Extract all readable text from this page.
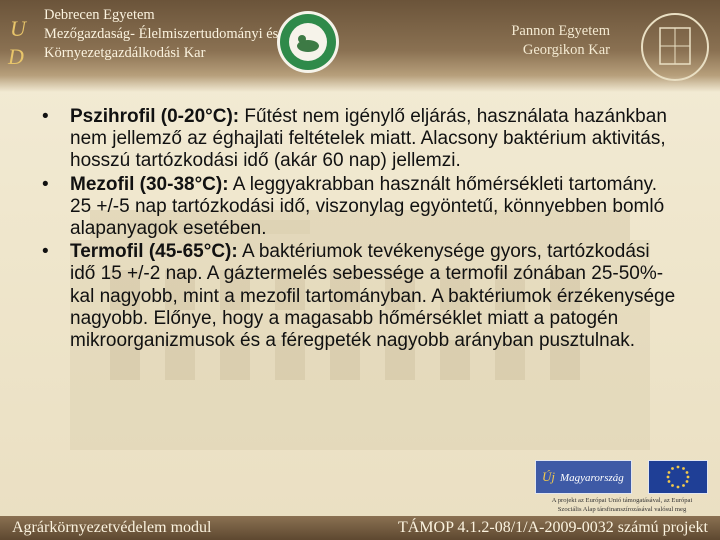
U
D
Debrecen Egyetem
Mezőgazdaság- Élelmiszertudományi és
Környezetgazdálkodási Kar
Pannon Egyetem
Georgikon Kar
• Pszihrofil (0-20°C): Fűtést nem igénylő eljárás, használata hazánkban nem jellemző az éghajlati feltételek miatt. Alacsony baktérium aktivitás, hosszú tartózkodási idő (akár 60 nap) jellemzi.
• Mezofil (30-38°C): A leggyakrabban használt hőmérsékleti tartomány. 25 +/-5 nap tartózkodási idő, viszonylag egyöntetű, könnyebben bomló alapanyagok esetében.
• Termofil (45-65°C): A baktériumok tevékenysége gyors, tartózkodási idő 15 +/-2 nap. A gáztermelés sebessége a termofil zónában 25-50%-kal nagyobb, mint a mezofil tartományban. A baktériumok érzékenysége nagyobb. Előnye, hogy a magasabb hőmérséklet miatt a patogén mikroorganizmusok és a féregpeték nagyobb arányban pusztulnak.
Új Magyarország
A projekt az Európai Unió támogatásával, az Európai
Szociális Alap társfinanszírozásával valósul meg
Agrárkörnyezetvédelem modul	TÁMOP 4.1.2-08/1/A-2009-0032 számú projekt
